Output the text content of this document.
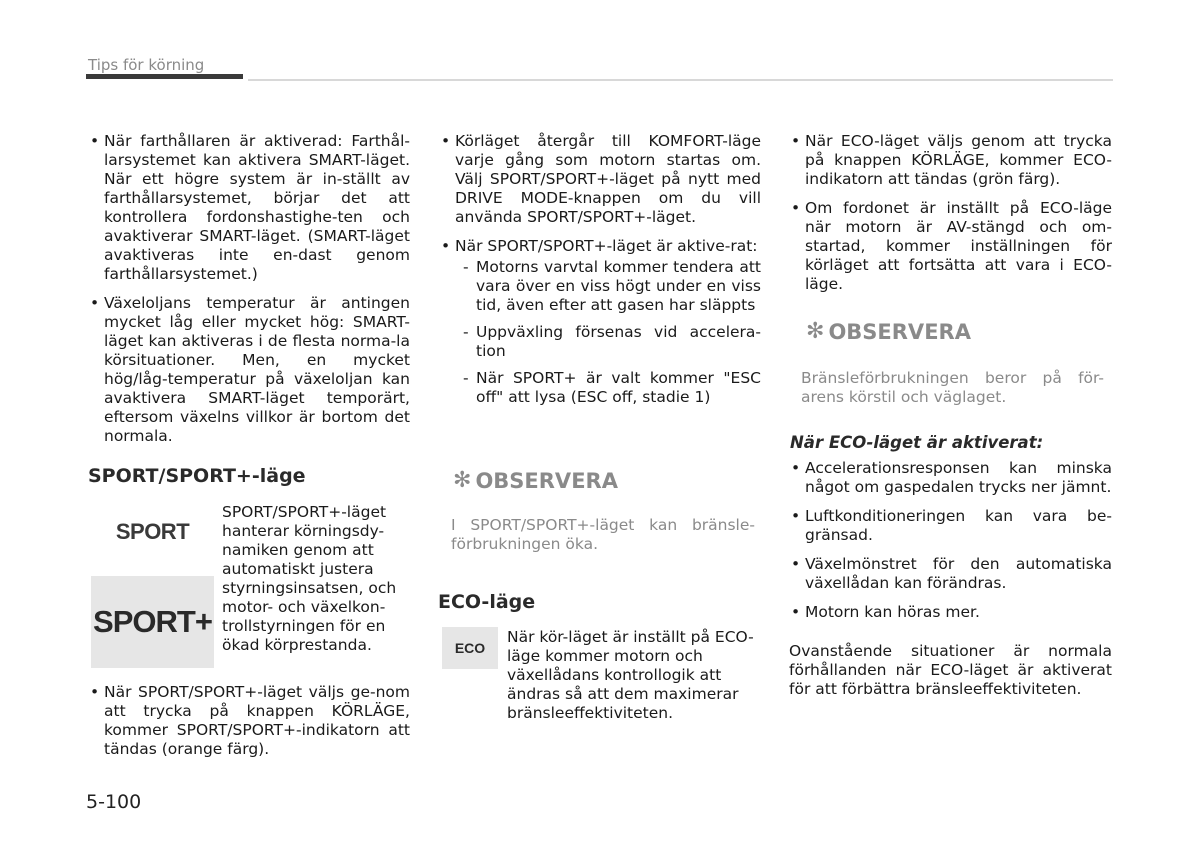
Tips för körning

• När farthållaren är aktiverad: Farthål-larsystemet kan aktivera SMART-läget. När ett högre system är in-ställt av farthållarsystemet, börjar det att kontrollera fordonshastighe-ten och avaktiverar SMART-läget. (SMART-läget avaktiveras inte en-dast genom farthållarsystemet.)

• Växeloljans temperatur är antingen mycket låg eller mycket hög: SMART-läget kan aktiveras i de flesta norma-la körsituationer. Men, en mycket hög/låg-temperatur på växeloljan kan avaktivera SMART-läget temporärt, eftersom växelns villkor är bortom det normala.

SPORT/SPORT+-läge
SPORT
SPORT+
SPORT/SPORT+-läget hanterar körningsdy-namiken genom att automatiskt justera styrningsinsatsen, och motor- och växelkon-trollstyrningen för en ökad körprestanda.

• När SPORT/SPORT+-läget väljs ge-nom att trycka på knappen KÖRLÄGE, kommer SPORT/SPORT+-indikatorn att tändas (orange färg).

• Körläget återgår till KOMFORT-läge varje gång som motorn startas om. Välj SPORT/SPORT+-läget på nytt med DRIVE MODE-knappen om du vill använda SPORT/SPORT+-läget.

• När SPORT/SPORT+-läget är aktive-rat:

- Motorns varvtal kommer tendera att vara över en viss högt under en viss tid, även efter att gasen har släppts
- Uppväxling försenas vid accelera-tion
- När SPORT+ är valt kommer "ESC off" att lysa (ESC off, stadie 1)
✻ OBSERVERA
I SPORT/SPORT+-läget kan bränsle-förbrukningen öka.
ECO-läge
ECO
När kör-läget är inställt på ECO-läge kommer motorn och växellådans kontrollogik att ändras så att dem maximerar bränsleeffektiviteten.

• När ECO-läget väljs genom att trycka på knappen KÖRLÄGE, kommer ECO-indikatorn att tändas (grön färg).

• Om fordonet är inställt på ECO-läge när motorn är AV-stängd och om-startad, kommer inställningen för körläget att fortsätta att vara i ECO-läge.

✻ OBSERVERA
Bränsleförbrukningen beror på för-arens körstil och väglaget.
När ECO-läget är aktiverat:

• Accelerationsresponsen kan minska något om gaspedalen trycks ner jämnt.

• Luftkonditioneringen kan vara be-gränsad.

• Växelmönstret för den automatiska växellådan kan förändras.

• Motorn kan höras mer.

Ovanstående situationer är normala förhållanden när ECO-läget är aktiverat för att förbättra bränsleeffektiviteten.

5-100
